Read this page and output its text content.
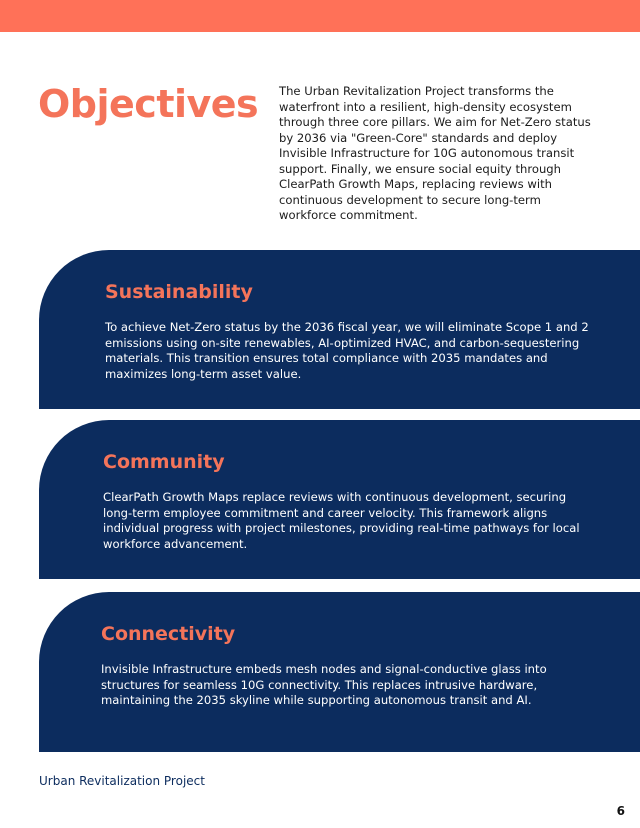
Objectives The Urban Revitalization Project transforms the waterfront into a resilient, high-density ecosystem through three core pillars. We aim for Net-Zero status by 2036 via "Green-Core" standards and deploy Invisible Infrastructure for 10G autonomous transit support. Finally, we ensure social equity through ClearPath Growth Maps, replacing reviews with continuous development to secure long-term workforce commitment.

Sustainability

To achieve Net-Zero status by the 2036 fiscal year, we will eliminate Scope 1 and 2 emissions using on-site renewables, AI-optimized HVAC, and carbon-sequestering materials. This transition ensures total compliance with 2035 mandates and maximizes long-term asset value.

Community

ClearPath Growth Maps replace reviews with continuous development, securing long-term employee commitment and career velocity. This framework aligns individual progress with project milestones, providing real-time pathways for local workforce advancement.

Connectivity

Invisible Infrastructure embeds mesh nodes and signal-conductive glass into structures for seamless 10G connectivity. This replaces intrusive hardware, maintaining the 2035 skyline while supporting autonomous transit and AI.

Urban Revitalization Project
6
